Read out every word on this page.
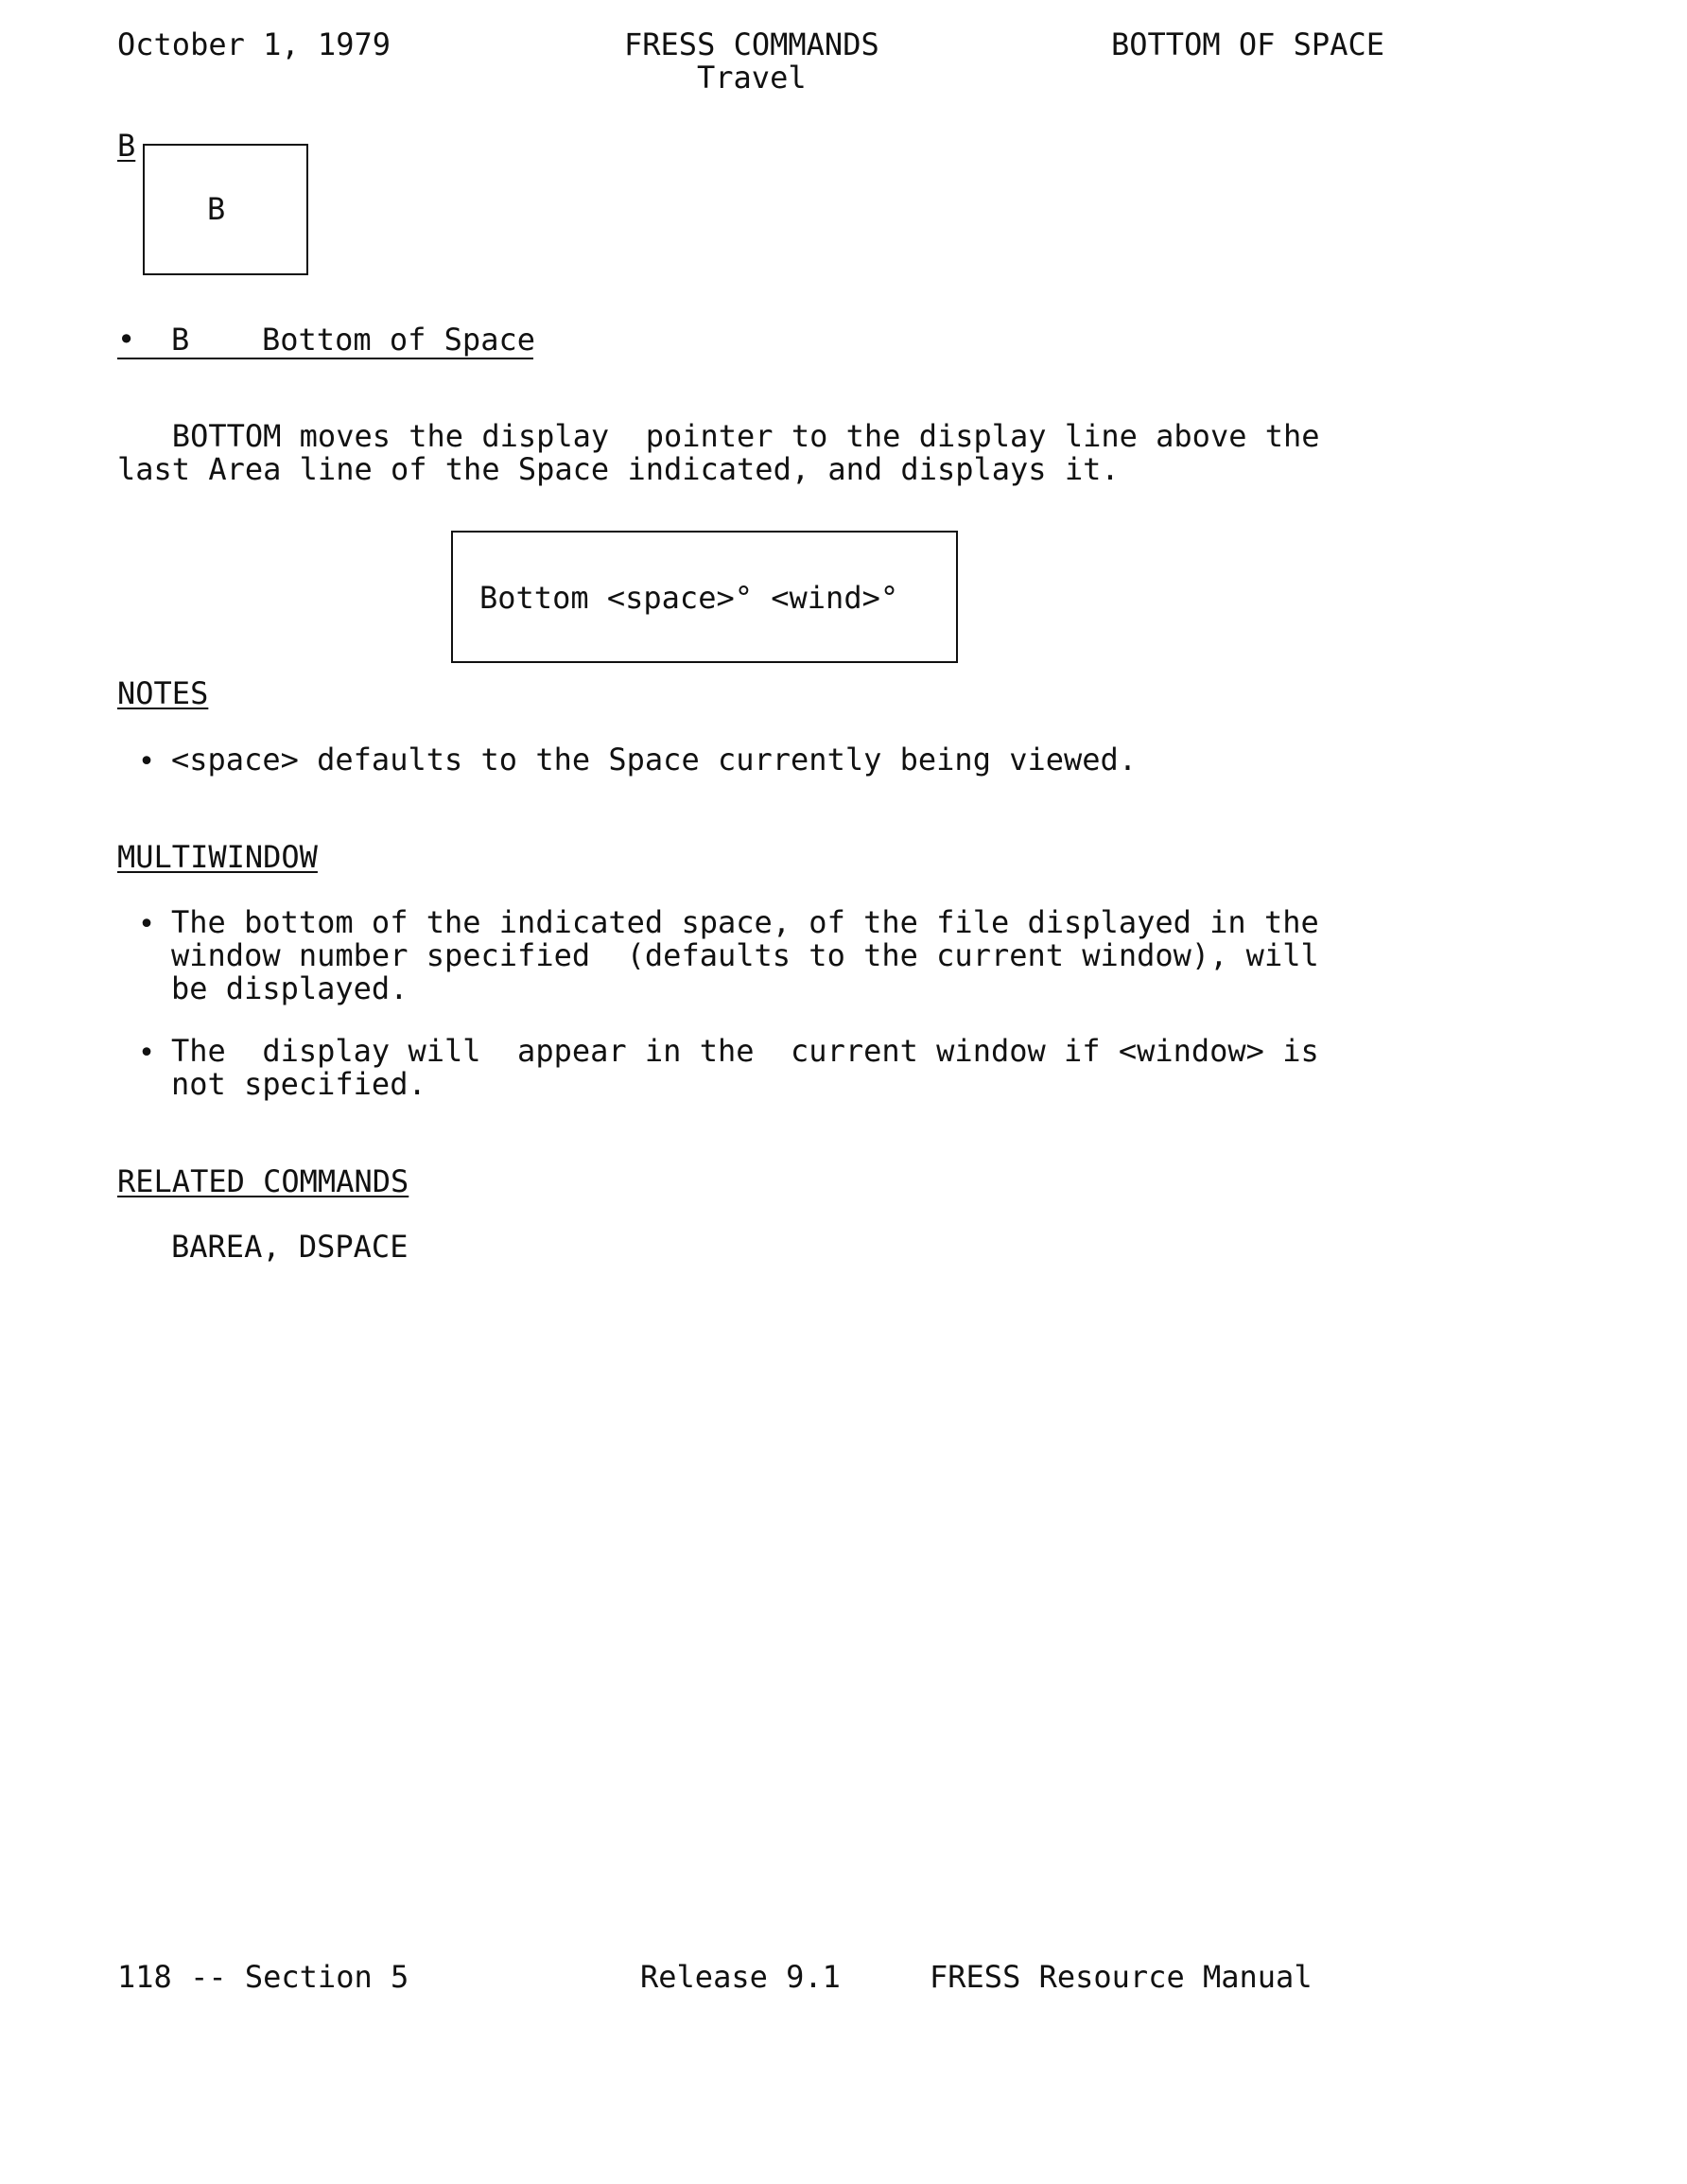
October 1, 1979	FRESS COMMANDS
Travel
BOTTOM OF SPACE
B
B

•

B

Bottom of Space

BOTTOM moves the display  pointer to the display line above the
last Area line of the Space indicated, and displays it.
Bottom <space>° <wind>°
NOTES
• <space> defaults to the Space currently being viewed.
MULTIWINDOW
• The bottom of the indicated space, of the file displayed in the
window number specified  (defaults to the current window), will
be displayed.
• The  display will  appear in the  current window if <window> is
not specified.
RELATED COMMANDS
BAREA, DSPACE
118 -- Section 5	Release 9.1	FRESS Resource Manual
